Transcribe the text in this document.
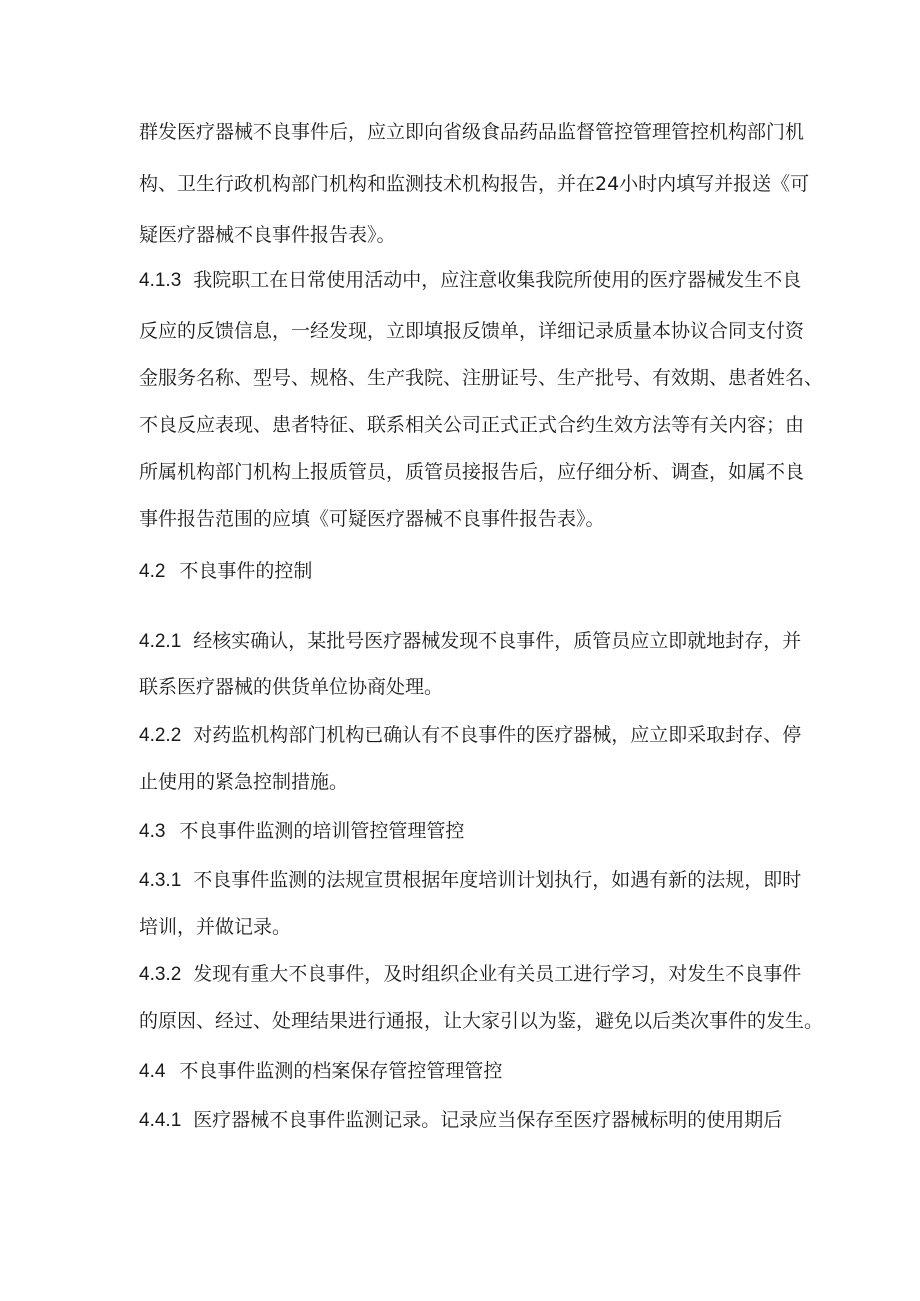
群发医疗器械不良事件后，应立即向省级食品药品监督管控管理管控机构部门机
构、卫生行政机构部门机构和监测技术机构报告，并在24小时内填写并报送《可
疑医疗器械不良事件报告表》。
4.1.3 我院职工在日常使用活动中，应注意收集我院所使用的医疗器械发生不良
反应的反馈信息，一经发现，立即填报反馈单，详细记录质量本协议合同支付资
金服务名称、型号、规格、生产我院、注册证号、生产批号、有效期、患者姓名、
不良反应表现、患者特征、联系相关公司正式正式合约生效方法等有关内容；由
所属机构部门机构上报质管员，质管员接报告后，应仔细分析、调查，如属不良
事件报告范围的应填《可疑医疗器械不良事件报告表》。
4.2 不良事件的控制
4.2.1 经核实确认，某批号医疗器械发现不良事件，质管员应立即就地封存，并
联系医疗器械的供货单位协商处理。
4.2.2 对药监机构部门机构已确认有不良事件的医疗器械，应立即采取封存、停
止使用的紧急控制措施。
4.3 不良事件监测的培训管控管理管控
4.3.1 不良事件监测的法规宣贯根据年度培训计划执行，如遇有新的法规，即时
培训，并做记录。
4.3.2 发现有重大不良事件，及时组织企业有关员工进行学习，对发生不良事件
的原因、经过、处理结果进行通报，让大家引以为鉴，避免以后类次事件的发生。
4.4 不良事件监测的档案保存管控管理管控
4.4.1 医疗器械不良事件监测记录。记录应当保存至医疗器械标明的使用期后
